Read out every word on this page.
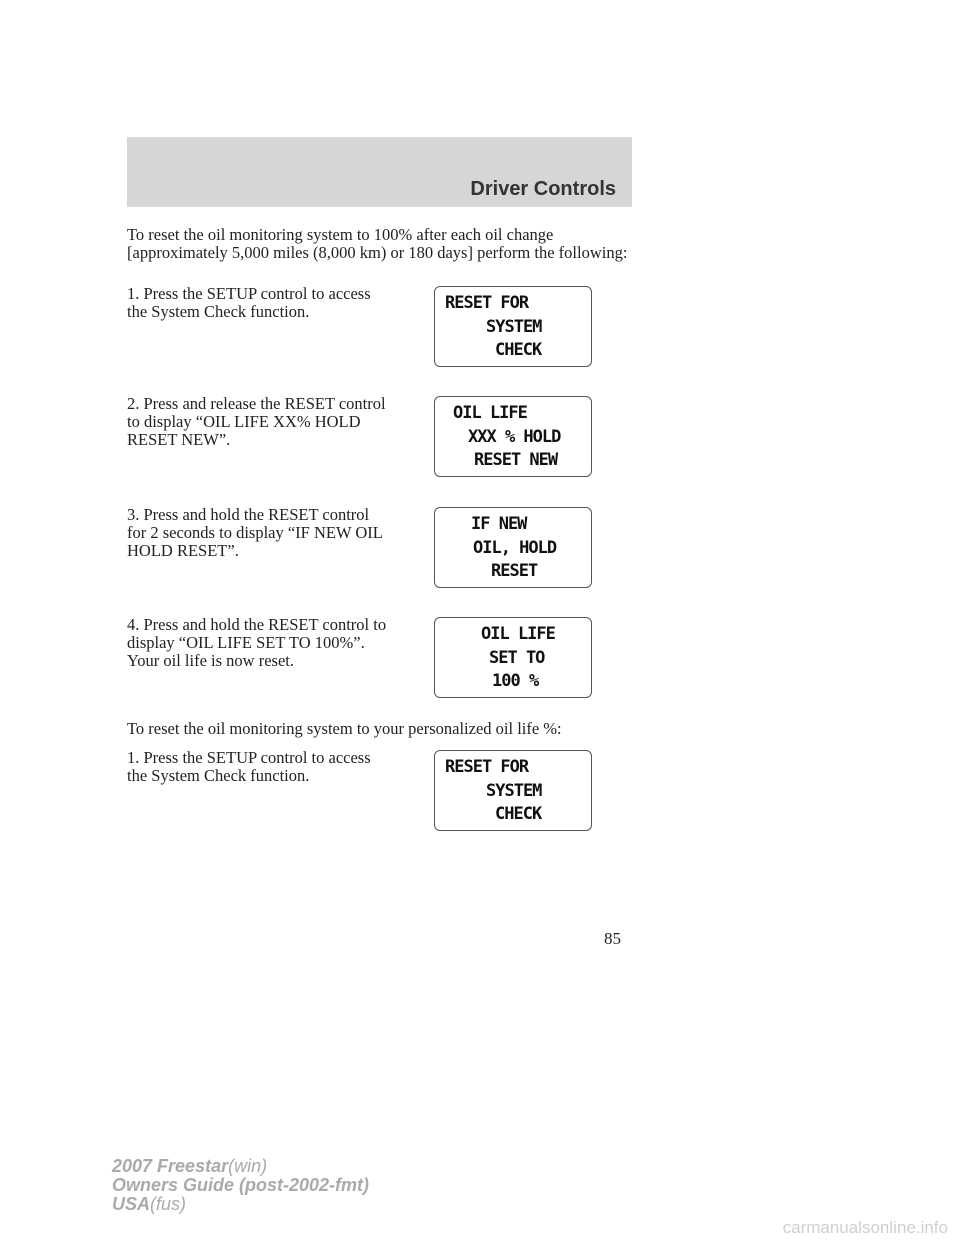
Driver Controls

To reset the oil monitoring system to 100% after each oil change [approximately 5,000 miles (8,000 km) or 180 days] perform the following:

1. Press the SETUP control to access the System Check function.	RESET FOR
SYSTEM
CHECK

2. Press and release the RESET control to display “OIL LIFE XX% HOLD RESET NEW”.

OIL LIFE
XXX % HOLD
RESET NEW

3. Press and hold the RESET control for 2 seconds to display “IF NEW OIL HOLD RESET”.

IF NEW
OIL, HOLD
RESET

4. Press and hold the RESET control to display “OIL LIFE SET TO 100%”. Your oil life is now reset.

OIL LIFE
SET TO
100 %

To reset the oil monitoring system to your personalized oil life %:

1. Press the SETUP control to access the System Check function.	RESET FOR
SYSTEM
CHECK
85
2007 Freestar(win)
Owners Guide (post-2002-fmt)
USA(fus)
carmanualsonline.info
